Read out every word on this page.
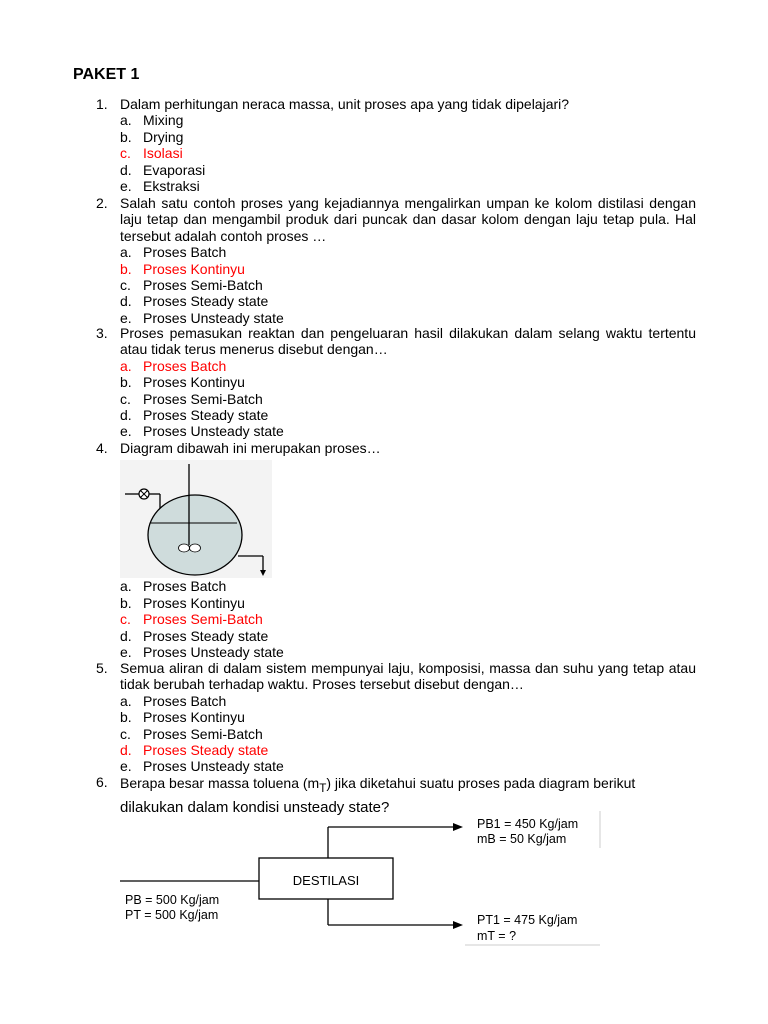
PAKET 1
1. Dalam perhitungan neraca massa, unit proses apa yang tidak dipelajari?
a. Mixing
b. Drying
c. Isolasi
d. Evaporasi
e. Ekstraksi
2. Salah satu contoh proses yang kejadiannya mengalirkan umpan ke kolom distilasi dengan laju tetap dan mengambil produk dari puncak dan dasar kolom dengan laju tetap pula. Hal tersebut adalah contoh proses …
a. Proses Batch
b. Proses Kontinyu
c. Proses Semi-Batch
d. Proses Steady state
e. Proses Unsteady state
3. Proses pemasukan reaktan dan pengeluaran hasil dilakukan dalam selang waktu tertentu atau tidak terus menerus disebut dengan…
a. Proses Batch
b. Proses Kontinyu
c. Proses Semi-Batch
d. Proses Steady state
e. Proses Unsteady state
4. Diagram dibawah ini merupakan proses…
a. Proses Batch
b. Proses Kontinyu
c. Proses Semi-Batch
d. Proses Steady state
e. Proses Unsteady state
5. Semua aliran di dalam sistem mempunyai laju, komposisi, massa dan suhu yang tetap atau tidak berubah terhadap waktu. Proses tersebut disebut dengan…
a. Proses Batch
b. Proses Kontinyu
c. Proses Semi-Batch
d. Proses Steady state
e. Proses Unsteady state
6. Berapa besar massa toluena $(m_T)$ jika diketahui suatu proses pada diagram berikut
dilakukan dalam kondisi unsteady state?
DESTILASI
PB = 500 Kg/jam
PT = 500 Kg/jam
PB1 = 450 Kg/jam
mB = 50 Kg/jam
PT1 = 475 Kg/jam
mT = ?
